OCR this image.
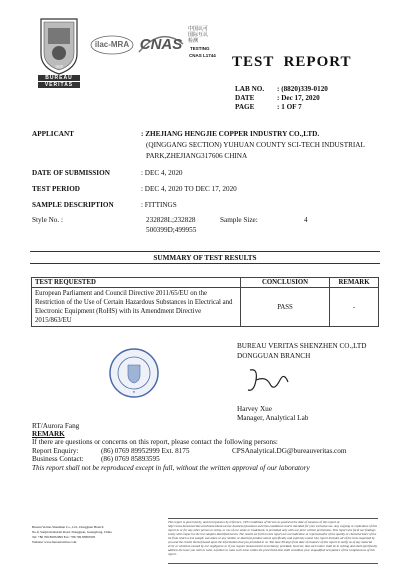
1828
BUREAU
VERITAS
ilac-MRA CNAS
中国认可
国际互认
检测
TESTING
CNAS L1744 TEST  REPORT
LAB NO. : (8820)339-0120
DATE	: Dec 17, 2020
PAGE	: 1 OF 7
APPLICANT	: ZHEJIANG HENGJIE COPPER INDUSTRY CO.,LTD.
(QINGGANG SECTION) YUHUAN COUNTY SCI-TECH INDUSTRIAL
PARK,ZHEJIANG317606 CHINA
DATE OF SUBMISSION	: DEC 4, 2020
TEST PERIOD	: DEC 4, 2020 TO DEC 17, 2020
SAMPLE DESCRIPTION	: FITTINGS
Style No. :	232828L;232828
500399D;499955
Sample Size:	4
SUMMARY OF TEST RESULTS
TEST REQUESTED	CONCLUSION	REMARK
European Parliament and Council Directive 2011/65/EU on the Restriction of the Use of Certain Hazardous Substances in Electrical and Electronic Equipment (RoHS) with its Amendment Directive 2015/863/EU	PASS	-
BUREAU VERITAS SHENZHEN CO.,LTD
DONGGUAN BRANCH
★
Harvey Xue
Manager, Analytical Lab
RT/Aurora Fang
REMARK
If there are questions or concerns on this report, please contact the following persons:
Report Enquiry:	(86) 0769 89952999 Ext. 8175	CPSAnalytical.DG@bureauveritas.com
Business Contact: (86) 0769 85893595
This report shall not be reproduced except in full, without the written approval of our laboratory
Bureau Veritas Shenzhen Co., Ltd., Dongguan Branch
No.9, Sanjin Industrial Road, Dongguan, Guangdong, China
Tel: +86 769 89952999 Fax: +86 769 85893595
Website: www.bureauveritas.com
This report is governed by, and incorporates by reference, CPS Conditions of Service as posted at the date of issuance of this report at http://www.bureauveritas.com/home/about-us/our-business/cps/about-us/terms-conditions/ and is intended for your exclusive use. Any copying or replication of this report to or for any other person or entity, or use of our name or trademark, is permitted only with our prior written permission. This report sets forth our findings solely with respect to the test samples identified herein. The results set forth in this report are not indicative or representative of the quality or characteristics of the lot from which a test sample was taken or any similar or identical product unless specifically and expressly noted. Our report includes all of the tests requested by you and the results thereof based upon the information that you provided to us. You have 60 days from date of issuance of this report to notify us of any material error or omission caused by our negligence or if you require measurement uncertainty; provided, however, that such notice shall be in writing and shall specifically address the issue you wish to raise. A failure to raise such issue within the prescribed time shall constitute your unqualified acceptance of the completeness of this report.
